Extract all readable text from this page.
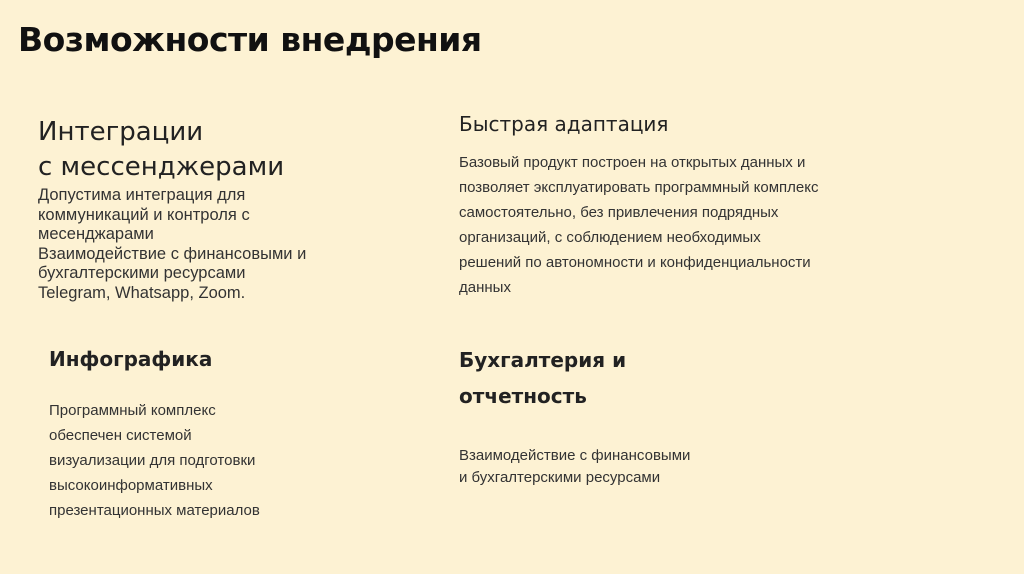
Возможности внедрения
Интеграции
с мессенджерами
Допустима интеграция для
коммуникаций и контроля с
месенджарами
Взаимодействие с финансовыми и
бухгалтерскими ресурсами
Telegram, Whatsapp, Zoom.
Быстрая адаптация
Базовый продукт построен на открытых данных и
позволяет эксплуатировать программный комплекс
самостоятельно, без привлечения подрядных
организаций, с соблюдением необходимых
решений по автономности и конфиденциальности
данных
Инфографика
Программный комплекс
обеспечен системой
визуализации для подготовки
высокоинформативных
презентационных материалов
Бухгалтерия и
отчетность
Взаимодействие с финансовыми
и бухгалтерскими ресурсами
